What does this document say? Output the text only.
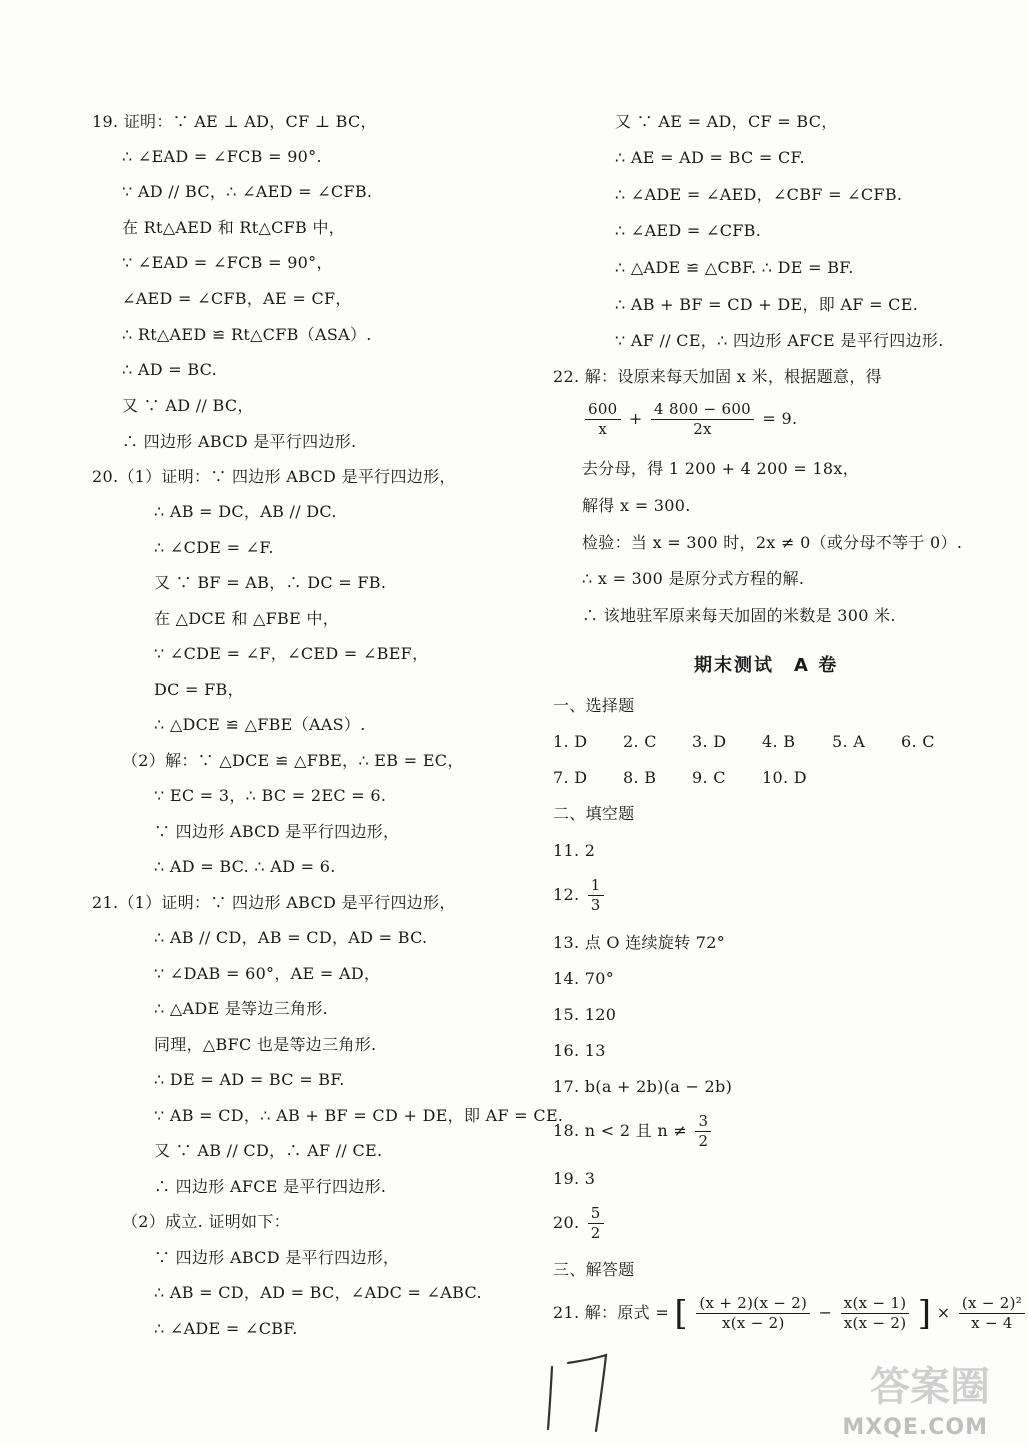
19. 证明：∵ AE ⊥ AD，CF ⊥ BC，
∴ ∠EAD = ∠FCB = 90°.
∵ AD // BC，∴ ∠AED = ∠CFB.
在 Rt△AED 和 Rt△CFB 中，
∵ ∠EAD = ∠FCB = 90°，
∠AED = ∠CFB，AE = CF，
∴ Rt△AED ≌ Rt△CFB（ASA）.
∴ AD = BC.
又 ∵ AD // BC，
∴ 四边形 ABCD 是平行四边形.
20.（1）证明：∵ 四边形 ABCD 是平行四边形，
∴ AB = DC，AB // DC.
∴ ∠CDE = ∠F.
又 ∵ BF = AB，∴ DC = FB.
在 △DCE 和 △FBE 中，
∵ ∠CDE = ∠F，∠CED = ∠BEF，
DC = FB，
∴ △DCE ≌ △FBE（AAS）.
（2）解：∵ △DCE ≌ △FBE，∴ EB = EC，
∵ EC = 3，∴ BC = 2EC = 6.
∵ 四边形 ABCD 是平行四边形，
∴ AD = BC. ∴ AD = 6.
21.（1）证明：∵ 四边形 ABCD 是平行四边形，
∴ AB // CD，AB = CD，AD = BC.
∵ ∠DAB = 60°，AE = AD，
∴ △ADE 是等边三角形.
同理，△BFC 也是等边三角形.
∴ DE = AD = BC = BF.
∵ AB = CD，∴ AB + BF = CD + DE，即 AF = CE.
又 ∵ AB // CD，∴ AF // CE.
∴ 四边形 AFCE 是平行四边形.
（2）成立. 证明如下：
∵ 四边形 ABCD 是平行四边形，
∴ AB = CD，AD = BC，∠ADC = ∠ABC.
∴ ∠ADE = ∠CBF.
又 ∵ AE = AD，CF = BC，
∴ AE = AD = BC = CF.
∴ ∠ADE = ∠AED，∠CBF = ∠CFB.
∴ ∠AED = ∠CFB.
∴ △ADE ≌ △CBF. ∴ DE = BF.
∴ AB + BF = CD + DE，即 AF = CE.
∵ AF // CE，∴ 四边形 AFCE 是平行四边形.
22. 解：设原来每天加固 x 米，根据题意，得
$\frac{600}{x} + \frac{4 800 - 600}{2x} = 9$.
去分母，得 1 200 + 4 200 = 18x，
解得 x = 300.
检验：当 x = 300 时，2x ≠ 0（或分母不等于 0）.
∴ x = 300 是原分式方程的解.
∴ 该地驻军原来每天加固的米数是 300 米.
期末测试　A 卷
一、选择题
1. D 2. C 3. D 4. B 5. A 6. C
7. D 8. B 9. C 10. D
二、填空题
11. 2
12. $\frac{1}{3}$
13. 点 O 连续旋转 72°
14. 70°
15. 120
16. 13
17. b(a + 2b)(a − 2b)
18. n < 2 且 $n \ne \frac{3}{2}$
19. 3
20. $\frac{5}{2}$
三、解答题
21. 解：原式 = [ $\frac{(x + 2)(x - 2)}{x(x - 2)} - \frac{x(x - 1)}{x(x - 2)}$ ] × $\frac{\text{(x − 2)²}}{x - 4}$
答案圈
MXQE.COM
